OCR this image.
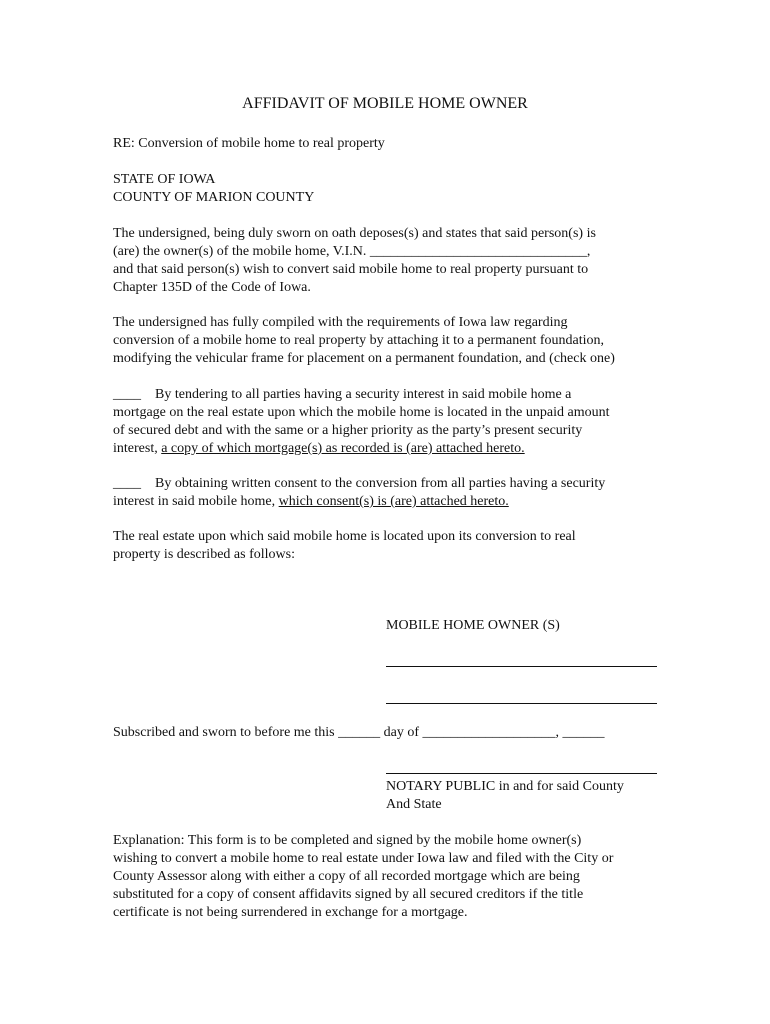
AFFIDAVIT OF MOBILE HOME OWNER
RE: Conversion of mobile home to real property
STATE OF IOWA
COUNTY OF MARION COUNTY
The undersigned, being duly sworn on oath deposes(s) and states that said person(s) is
(are) the owner(s) of the mobile home, V.I.N. _______________________________,
and that said person(s) wish to convert said mobile home to real property pursuant to
Chapter 135D of the Code of Iowa.
The undersigned has fully compiled with the requirements of Iowa law regarding
conversion of a mobile home to real property by attaching it to a permanent foundation,
modifying the vehicular frame for placement on a permanent foundation, and (check one)
____    By tendering to all parties having a security interest in said mobile home a
mortgage on the real estate upon which the mobile home is located in the unpaid amount
of secured debt and with the same or a higher priority as the party’s present security
interest, a copy of which mortgage(s) as recorded is (are) attached hereto.
____    By obtaining written consent to the conversion from all parties having a security
interest in said mobile home, which consent(s) is (are) attached hereto.
The real estate upon which said mobile home is located upon its conversion to real
property is described as follows:
MOBILE HOME OWNER (S)
Subscribed and sworn to before me this ______ day of ___________________, ______
NOTARY PUBLIC in and for said County
And State
Explanation: This form is to be completed and signed by the mobile home owner(s)
wishing to convert a mobile home to real estate under Iowa law and filed with the City or
County Assessor along with either a copy of all recorded mortgage which are being
substituted for a copy of consent affidavits signed by all secured creditors if the title
certificate is not being surrendered in exchange for a mortgage.
